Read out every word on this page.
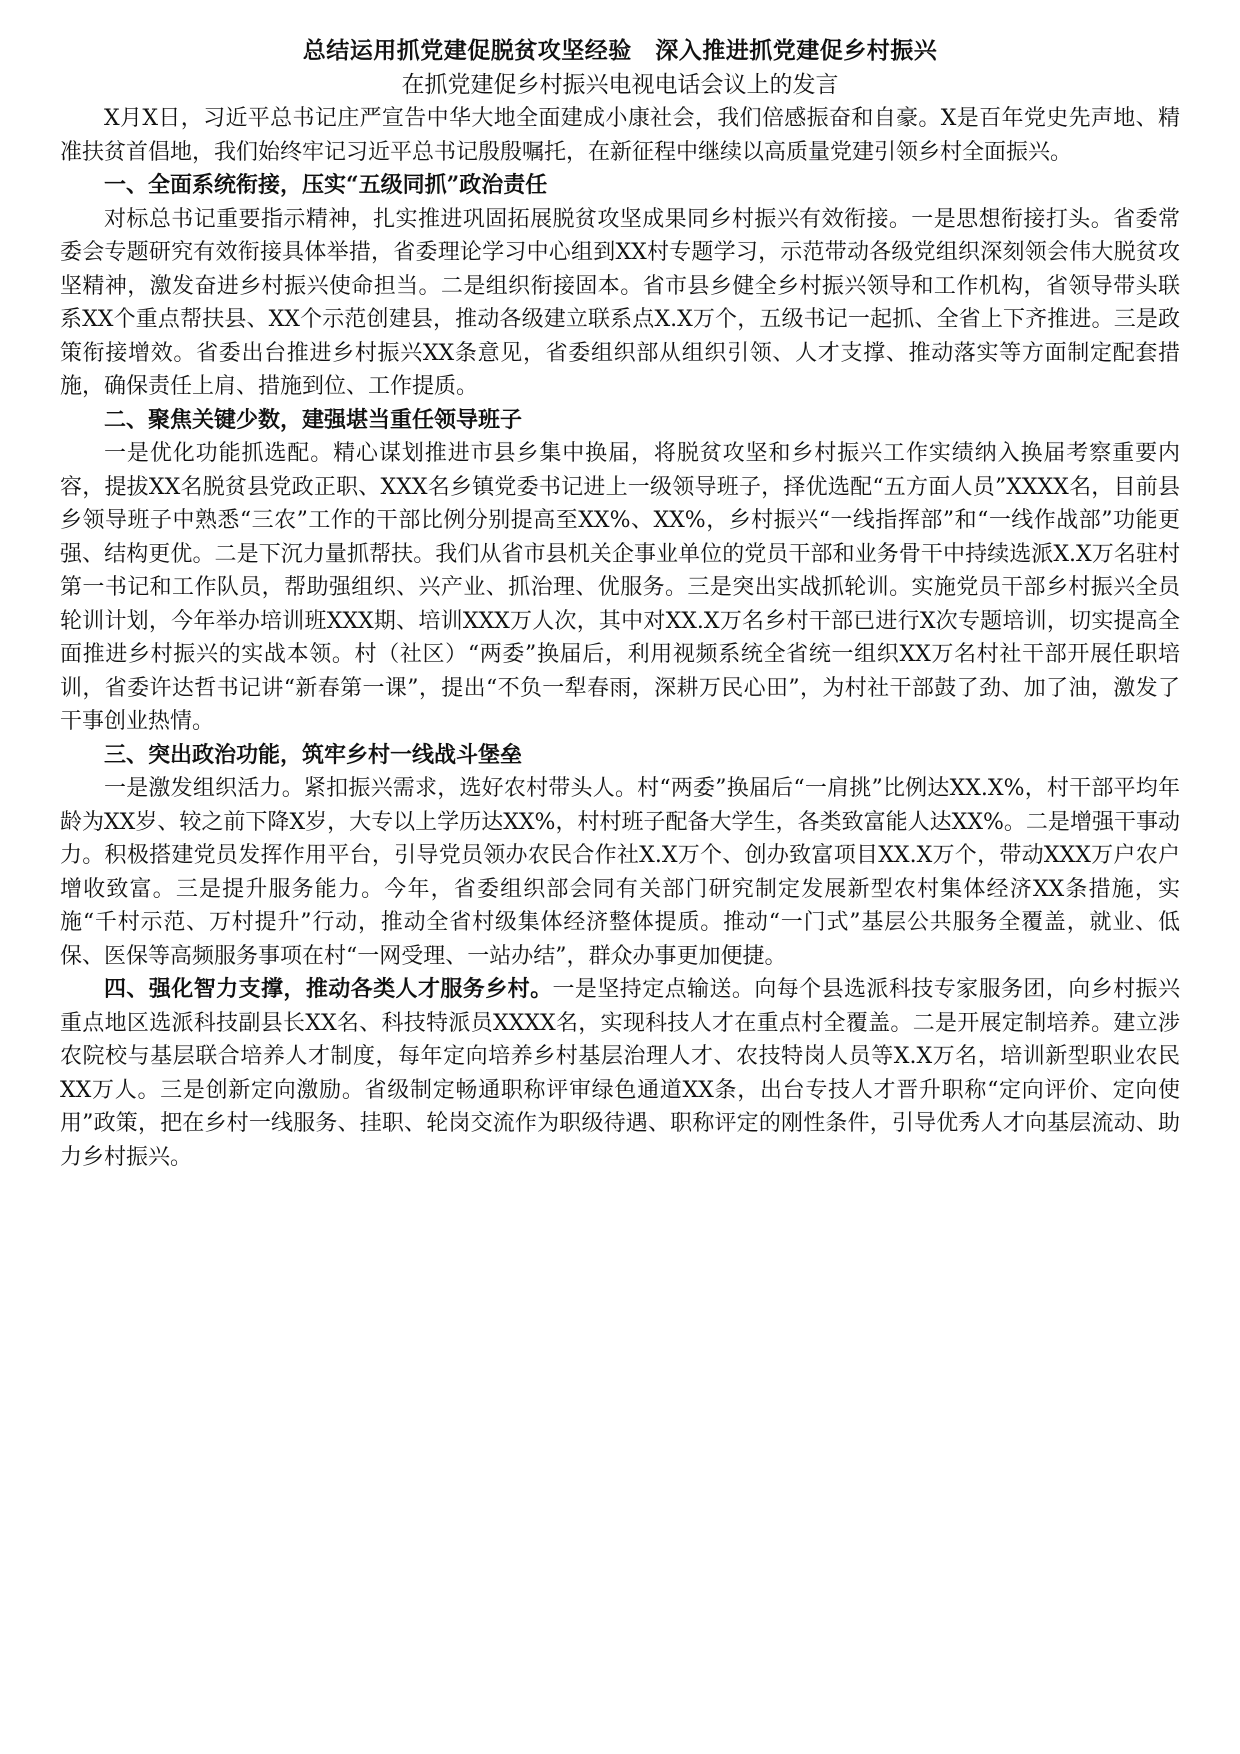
总结运用抓党建促脱贫攻坚经验　深入推进抓党建促乡村振兴

在抓党建促乡村振兴电视电话会议上的发言

X月X日，习近平总书记庄严宣告中华大地全面建成小康社会，我们倍感振奋和自豪。X是百年党史先声地、精准扶贫首倡地，我们始终牢记习近平总书记殷殷嘱托，在新征程中继续以高质量党建引领乡村全面振兴。

一、全面系统衔接，压实“五级同抓”政治责任

对标总书记重要指示精神，扎实推进巩固拓展脱贫攻坚成果同乡村振兴有效衔接。一是思想衔接打头。省委常委会专题研究有效衔接具体举措，省委理论学习中心组到XX村专题学习，示范带动各级党组织深刻领会伟大脱贫攻坚精神，激发奋进乡村振兴使命担当。二是组织衔接固本。省市县乡健全乡村振兴领导和工作机构，省领导带头联系XX个重点帮扶县、XX个示范创建县，推动各级建立联系点X.X万个，五级书记一起抓、全省上下齐推进。三是政策衔接增效。省委出台推进乡村振兴XX条意见，省委组织部从组织引领、人才支撑、推动落实等方面制定配套措施，确保责任上肩、措施到位、工作提质。

二、聚焦关键少数，建强堪当重任领导班子

一是优化功能抓选配。精心谋划推进市县乡集中换届，将脱贫攻坚和乡村振兴工作实绩纳入换届考察重要内容，提拔XX名脱贫县党政正职、XXX名乡镇党委书记进上一级领导班子，择优选配“五方面人员”XXXX名，目前县乡领导班子中熟悉“三农”工作的干部比例分别提高至XX%、XX%，乡村振兴“一线指挥部”和“一线作战部”功能更强、结构更优。二是下沉力量抓帮扶。我们从省市县机关企事业单位的党员干部和业务骨干中持续选派X.X万名驻村第一书记和工作队员，帮助强组织、兴产业、抓治理、优服务。三是突出实战抓轮训。实施党员干部乡村振兴全员轮训计划，今年举办培训班XXX期、培训XXX万人次，其中对XX.X万名乡村干部已进行X次专题培训，切实提高全面推进乡村振兴的实战本领。村（社区）“两委”换届后，利用视频系统全省统一组织XX万名村社干部开展任职培训，省委许达哲书记讲“新春第一课”，提出“不负一犁春雨，深耕万民心田”，为村社干部鼓了劲、加了油，激发了干事创业热情。

三、突出政治功能，筑牢乡村一线战斗堡垒

一是激发组织活力。紧扣振兴需求，选好农村带头人。村“两委”换届后“一肩挑”比例达XX.X%，村干部平均年龄为XX岁、较之前下降X岁，大专以上学历达XX%，村村班子配备大学生，各类致富能人达XX%。二是增强干事动力。积极搭建党员发挥作用平台，引导党员领办农民合作社X.X万个、创办致富项目XX.X万个，带动XXX万户农户增收致富。三是提升服务能力。今年，省委组织部会同有关部门研究制定发展新型农村集体经济XX条措施，实施“千村示范、万村提升”行动，推动全省村级集体经济整体提质。推动“一门式”基层公共服务全覆盖，就业、低保、医保等高频服务事项在村“一网受理、一站办结”，群众办事更加便捷。

四、强化智力支撑，推动各类人才服务乡村。一是坚持定点输送。向每个县选派科技专家服务团，向乡村振兴重点地区选派科技副县长XX名、科技特派员XXXX名，实现科技人才在重点村全覆盖。二是开展定制培养。建立涉农院校与基层联合培养人才制度，每年定向培养乡村基层治理人才、农技特岗人员等X.X万名，培训新型职业农民XX万人。三是创新定向激励。省级制定畅通职称评审绿色通道XX条，出台专技人才晋升职称“定向评价、定向使用”政策，把在乡村一线服务、挂职、轮岗交流作为职级待遇、职称评定的刚性条件，引导优秀人才向基层流动、助力乡村振兴。
